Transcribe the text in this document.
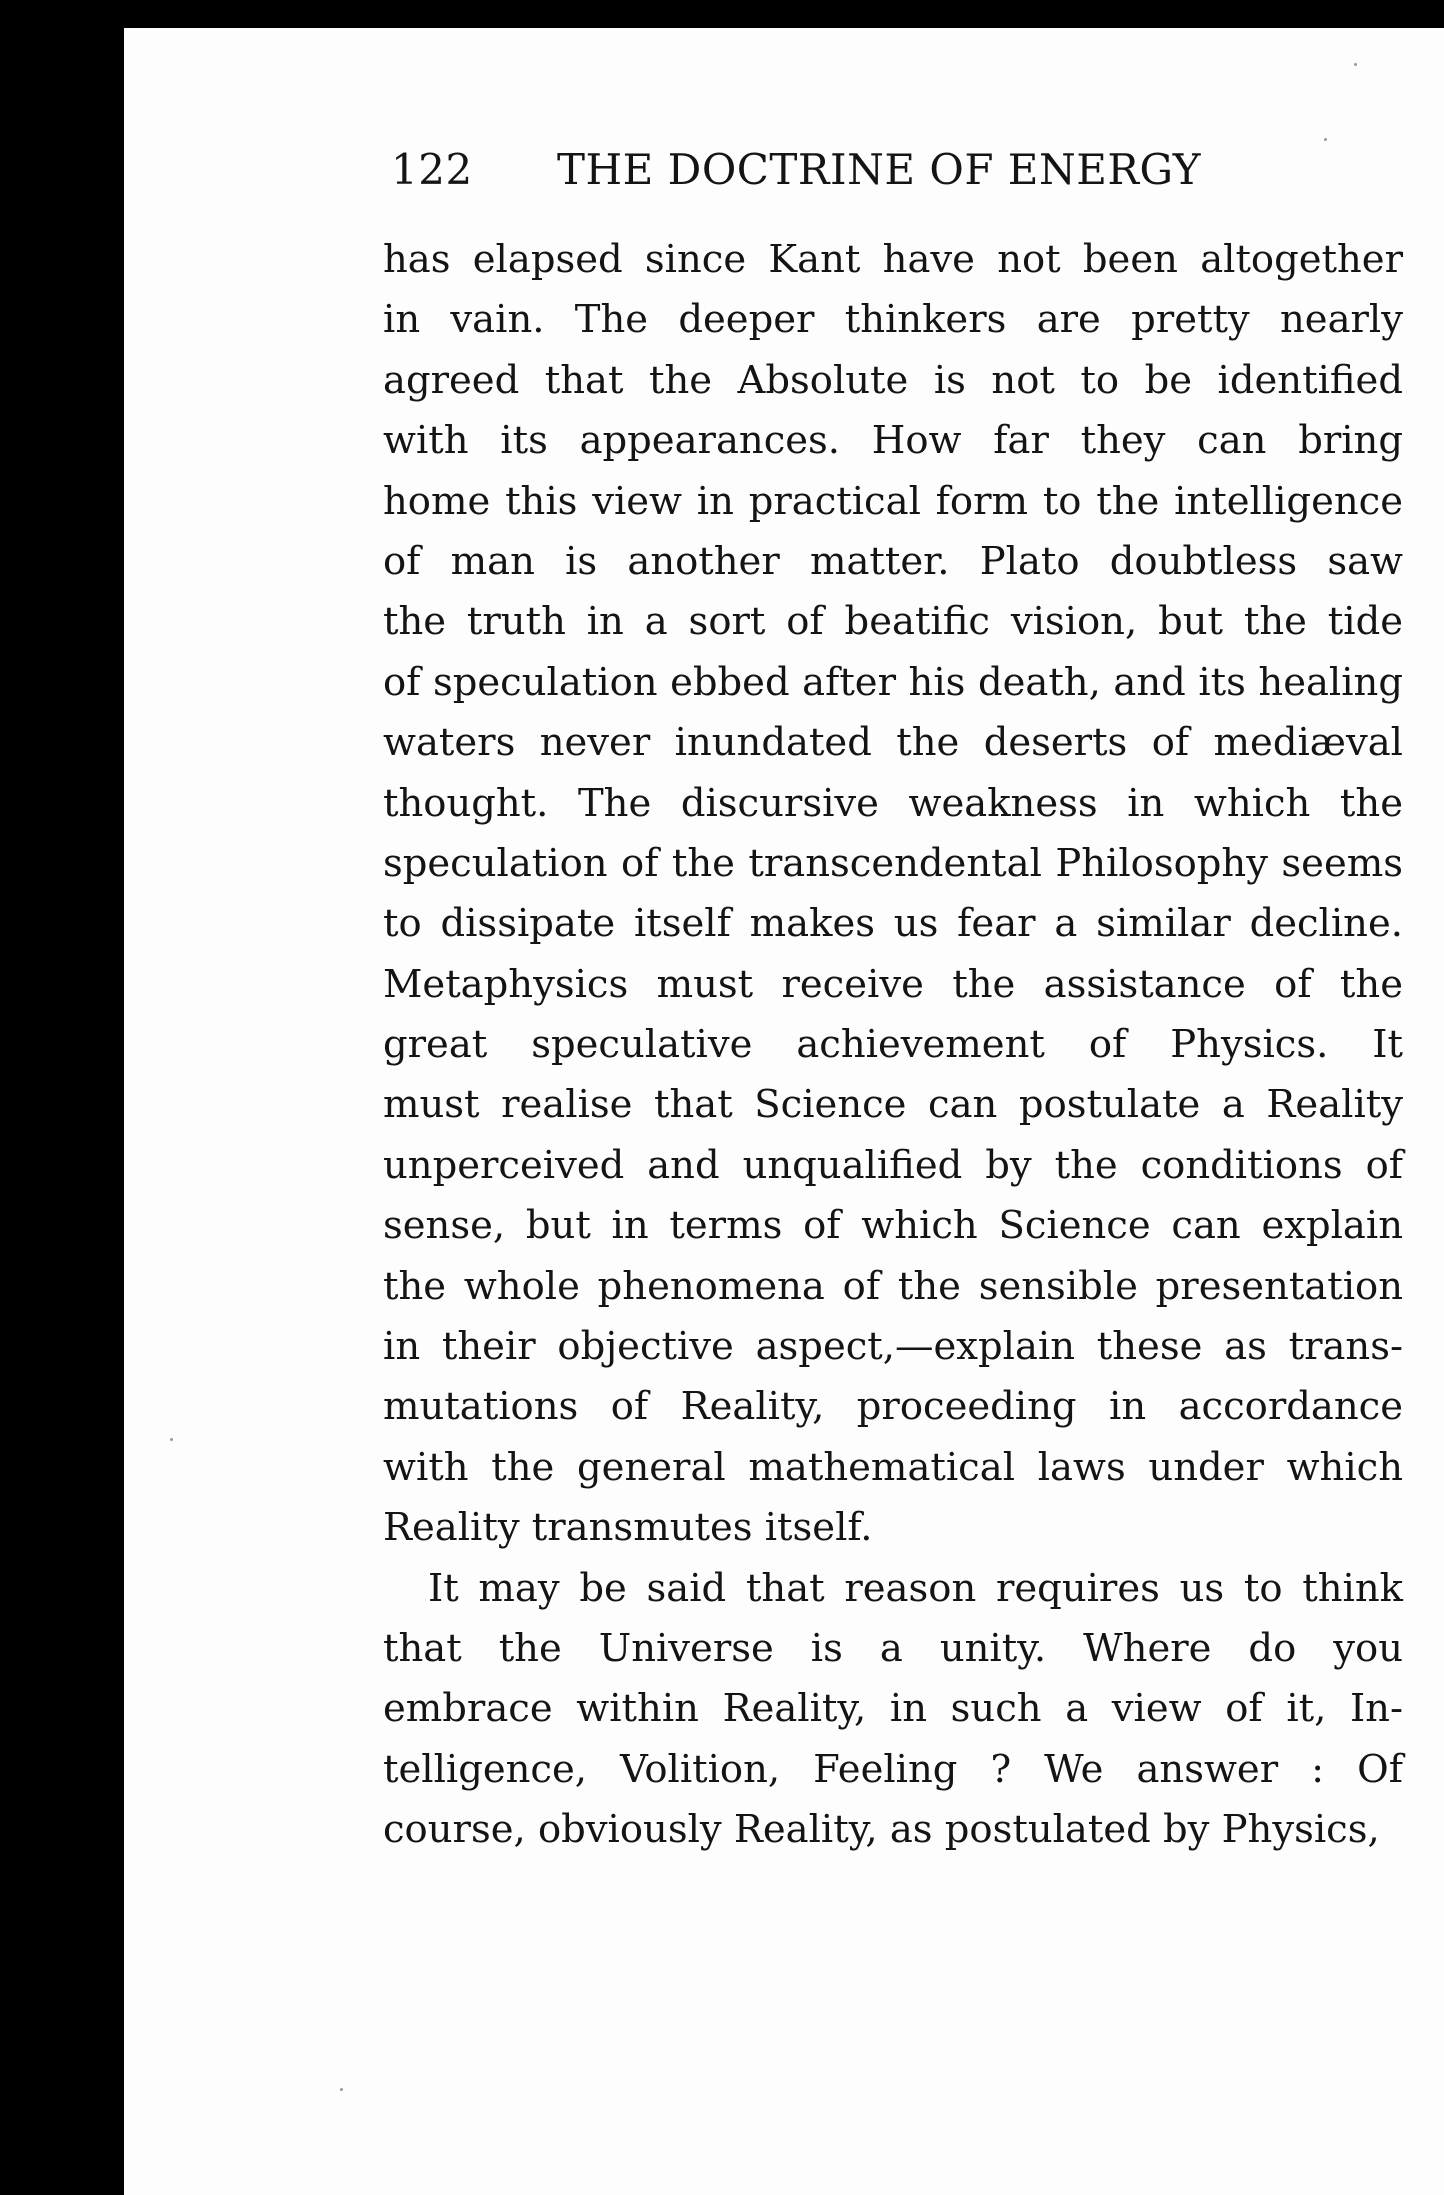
122 THE DOCTRINE OF ENERGY
has elapsed since Kant have not been altogether
in vain. The deeper thinkers are pretty nearly
agreed that the Absolute is not to be identified
with its appearances. How far they can bring
home this view in practical form to the intelligence
of man is another matter. Plato doubtless saw
the truth in a sort of beatific vision, but the tide
of speculation ebbed after his death, and its healing
waters never inundated the deserts of mediæval
thought. The discursive weakness in which the
speculation of the transcendental Philosophy seems
to dissipate itself makes us fear a similar decline.
Metaphysics must receive the assistance of the
great speculative achievement of Physics. It
must realise that Science can postulate a Reality
unperceived and unqualified by the conditions of
sense, but in terms of which Science can explain
the whole phenomena of the sensible presentation
in their objective aspect,—explain these as trans-
mutations of Reality, proceeding in accordance
with the general mathematical laws under which
Reality transmutes itself.
It may be said that reason requires us to think
that the Universe is a unity. Where do you
embrace within Reality, in such a view of it, In-
telligence, Volition, Feeling ? We answer : Of
course, obviously Reality, as postulated by Physics,
